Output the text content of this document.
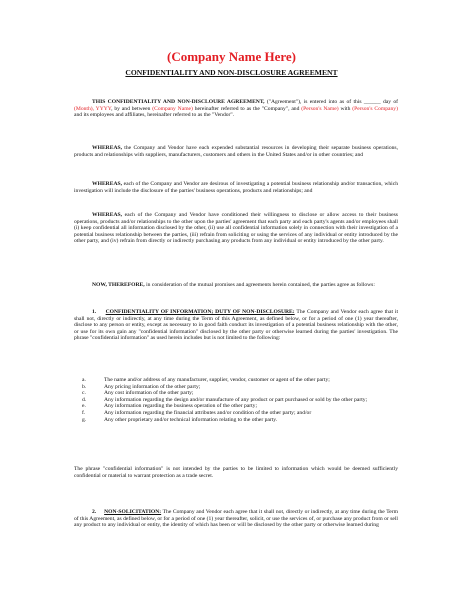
(Company Name Here)
CONFIDENTIALITY AND NON-DISCLOSURE AGREEMENT
THIS CONFIDENTIALITY AND NON-DISCLOURE AGREEMENT, ("Agreement"), is entered into as of this ______ day of (Month), YYYY, by and between (Company Name) hereinafter referred to as the "Company", and (Person's Name) with (Person's Company) and its employees and affiliates, hereinafter referred to as the "Vendor".
WHEREAS, the Company and Vendor have each expended substantial resources in developing their separate business operations, products and relationships with suppliers, manufacturers, customers and others in the United States and/or in other countries; and
WHEREAS, each of the Company and Vendor are desirous of investigating a potential business relationship and/or transaction, which investigation will include the disclosure of the parties' business operations, products and relationships; and
WHEREAS, each of the Company and Vendor have conditioned their willingness to disclose or allow access to their business operations, products and/or relationships to the other upon the parties' agreement that each party and each party's agents and/or employees shall (i) keep confidential all information disclosed by the other, (ii) use all confidential information solely in connection with their investigation of a potential business relationship between the parties, (iii) refrain from soliciting or using the services of any individual or entity introduced by the other party, and (iv) refrain from directly or indirectly purchasing any products from any individual or entity introduced by the other party.
NOW, THEREFORE, in consideration of the mutual promises and agreements herein contained, the parties agree as follows:
1. CONFIDENTIALITY OF INFORMATION; DUTY OF NON-DISCLOSURE: The Company and Vendor each agree that it shall not, directly or indirectly, at any time during the Term of this Agreement, as defined below, or for a period of one (1) year thereafter, disclose to any person or entity, except as necessary to in good faith conduct its investigation of a potential business relationship with the other, or use for its own gain any "confidential information" disclosed by the other party or otherwise learned during the parties' investigation. The phrase "confidential information" as used herein includes but is not limited to the following:
a.	The name and/or address of any manufacturer, supplier, vendor, customer or agent of the other party;
b.	Any pricing information of the other party;
c.	Any cost information of the other party;
d.	Any information regarding the design and/or manufacture of any product or part purchased or sold by the other party;
e.	Any information regarding the business operation of the other party;
f.	Any information regarding the financial attributes and/or condition of the other party; and/or
g.	Any other proprietary and/or technical information relating to the other party.
The phrase "confidential information" is not intended by the parties to be limited to information which would be deemed sufficiently confidential or material to warrant protection as a trade secret.
2. NON-SOLICITATION: The Company and Vendor each agree that it shall not, directly or indirectly, at any time during the Term of this Agreement, as defined below, or for a period of one (1) year thereafter, solicit, or use the services of, or purchase any product from or sell any product to any individual or entity, the identity of which has been or will be disclosed by the other party or otherwise learned during
